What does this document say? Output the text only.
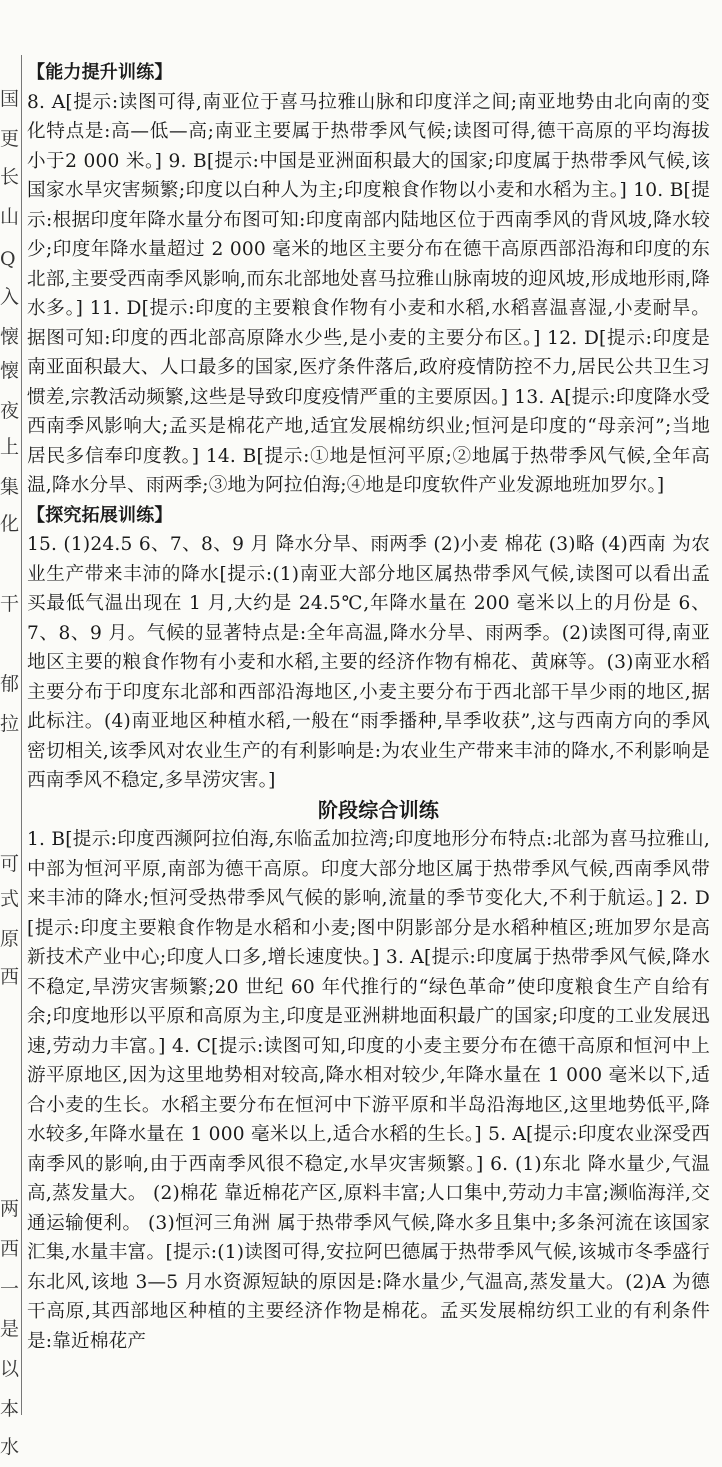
国
更
长
山
Q
入
懐
懐
夜
上
集
化
干
郁
拉
可
式
原
西
两
西
一
是
以
本
水

【能力提升训练】

8. A[提示:读图可得,南亚位于喜马拉雅山脉和印度洋之间;南亚地势由北向南的变化特点是:高—低—高;南亚主要属于热带季风气候;读图可得,德干高原的平均海拔小于2 000 米。] 9. B[提示:中国是亚洲面积最大的国家;印度属于热带季风气候,该国家水旱灾害频繁;印度以白种人为主;印度粮食作物以小麦和水稻为主。] 10. B[提示:根据印度年降水量分布图可知:印度南部内陆地区位于西南季风的背风坡,降水较少;印度年降水量超过 2 000 毫米的地区主要分布在德干高原西部沿海和印度的东北部,主要受西南季风影响,而东北部地处喜马拉雅山脉南坡的迎风坡,形成地形雨,降水多。] 11. D[提示:印度的主要粮食作物有小麦和水稻,水稻喜温喜湿,小麦耐旱。据图可知:印度的西北部高原降水少些,是小麦的主要分布区。] 12. D[提示:印度是南亚面积最大、人口最多的国家,医疗条件落后,政府疫情防控不力,居民公共卫生习惯差,宗教活动频繁,这些是导致印度疫情严重的主要原因。] 13. A[提示:印度降水受西南季风影响大;孟买是棉花产地,适宜发展棉纺织业;恒河是印度的“母亲河”;当地居民多信奉印度教。] 14. B[提示:①地是恒河平原;②地属于热带季风气候,全年高温,降水分旱、雨两季;③地为阿拉伯海;④地是印度软件产业发源地班加罗尔。]

【探究拓展训练】

15. (1)24.5 6、7、8、9 月 降水分旱、雨两季 (2)小麦 棉花 (3)略 (4)西南 为农业生产带来丰沛的降水[提示:(1)南亚大部分地区属热带季风气候,读图可以看出孟买最低气温出现在 1 月,大约是 24.5℃,年降水量在 200 毫米以上的月份是 6、7、8、9 月。气候的显著特点是:全年高温,降水分旱、雨两季。(2)读图可得,南亚地区主要的粮食作物有小麦和水稻,主要的经济作物有棉花、黄麻等。(3)南亚水稻主要分布于印度东北部和西部沿海地区,小麦主要分布于西北部干旱少雨的地区,据此标注。(4)南亚地区种植水稻,一般在“雨季播种,旱季收获”,这与西南方向的季风密切相关,该季风对农业生产的有利影响是:为农业生产带来丰沛的降水,不利影响是西南季风不稳定,多旱涝灾害。]

阶段综合训练

1. B[提示:印度西濒阿拉伯海,东临孟加拉湾;印度地形分布特点:北部为喜马拉雅山,中部为恒河平原,南部为德干高原。印度大部分地区属于热带季风气候,西南季风带来丰沛的降水;恒河受热带季风气候的影响,流量的季节变化大,不利于航运。] 2. D[提示:印度主要粮食作物是水稻和小麦;图中阴影部分是水稻种植区;班加罗尔是高新技术产业中心;印度人口多,增长速度快。] 3. A[提示:印度属于热带季风气候,降水不稳定,旱涝灾害频繁;20 世纪 60 年代推行的“绿色革命”使印度粮食生产自给有余;印度地形以平原和高原为主,印度是亚洲耕地面积最广的国家;印度的工业发展迅速,劳动力丰富。] 4. C[提示:读图可知,印度的小麦主要分布在德干高原和恒河中上游平原地区,因为这里地势相对较高,降水相对较少,年降水量在 1 000 毫米以下,适合小麦的生长。水稻主要分布在恒河中下游平原和半岛沿海地区,这里地势低平,降水较多,年降水量在 1 000 毫米以上,适合水稻的生长。] 5. A[提示:印度农业深受西南季风的影响,由于西南季风很不稳定,水旱灾害频繁。] 6. (1)东北 降水量少,气温高,蒸发量大。 (2)棉花 靠近棉花产区,原料丰富;人口集中,劳动力丰富;濒临海洋,交通运输便利。 (3)恒河三角洲 属于热带季风气候,降水多且集中;多条河流在该国家汇集,水量丰富。[提示:(1)读图可得,安拉阿巴德属于热带季风气候,该城市冬季盛行东北风,该地 3—5 月水资源短缺的原因是:降水量少,气温高,蒸发量大。(2)A 为德干高原,其西部地区种植的主要经济作物是棉花。孟买发展棉纺织工业的有利条件是:靠近棉花产
